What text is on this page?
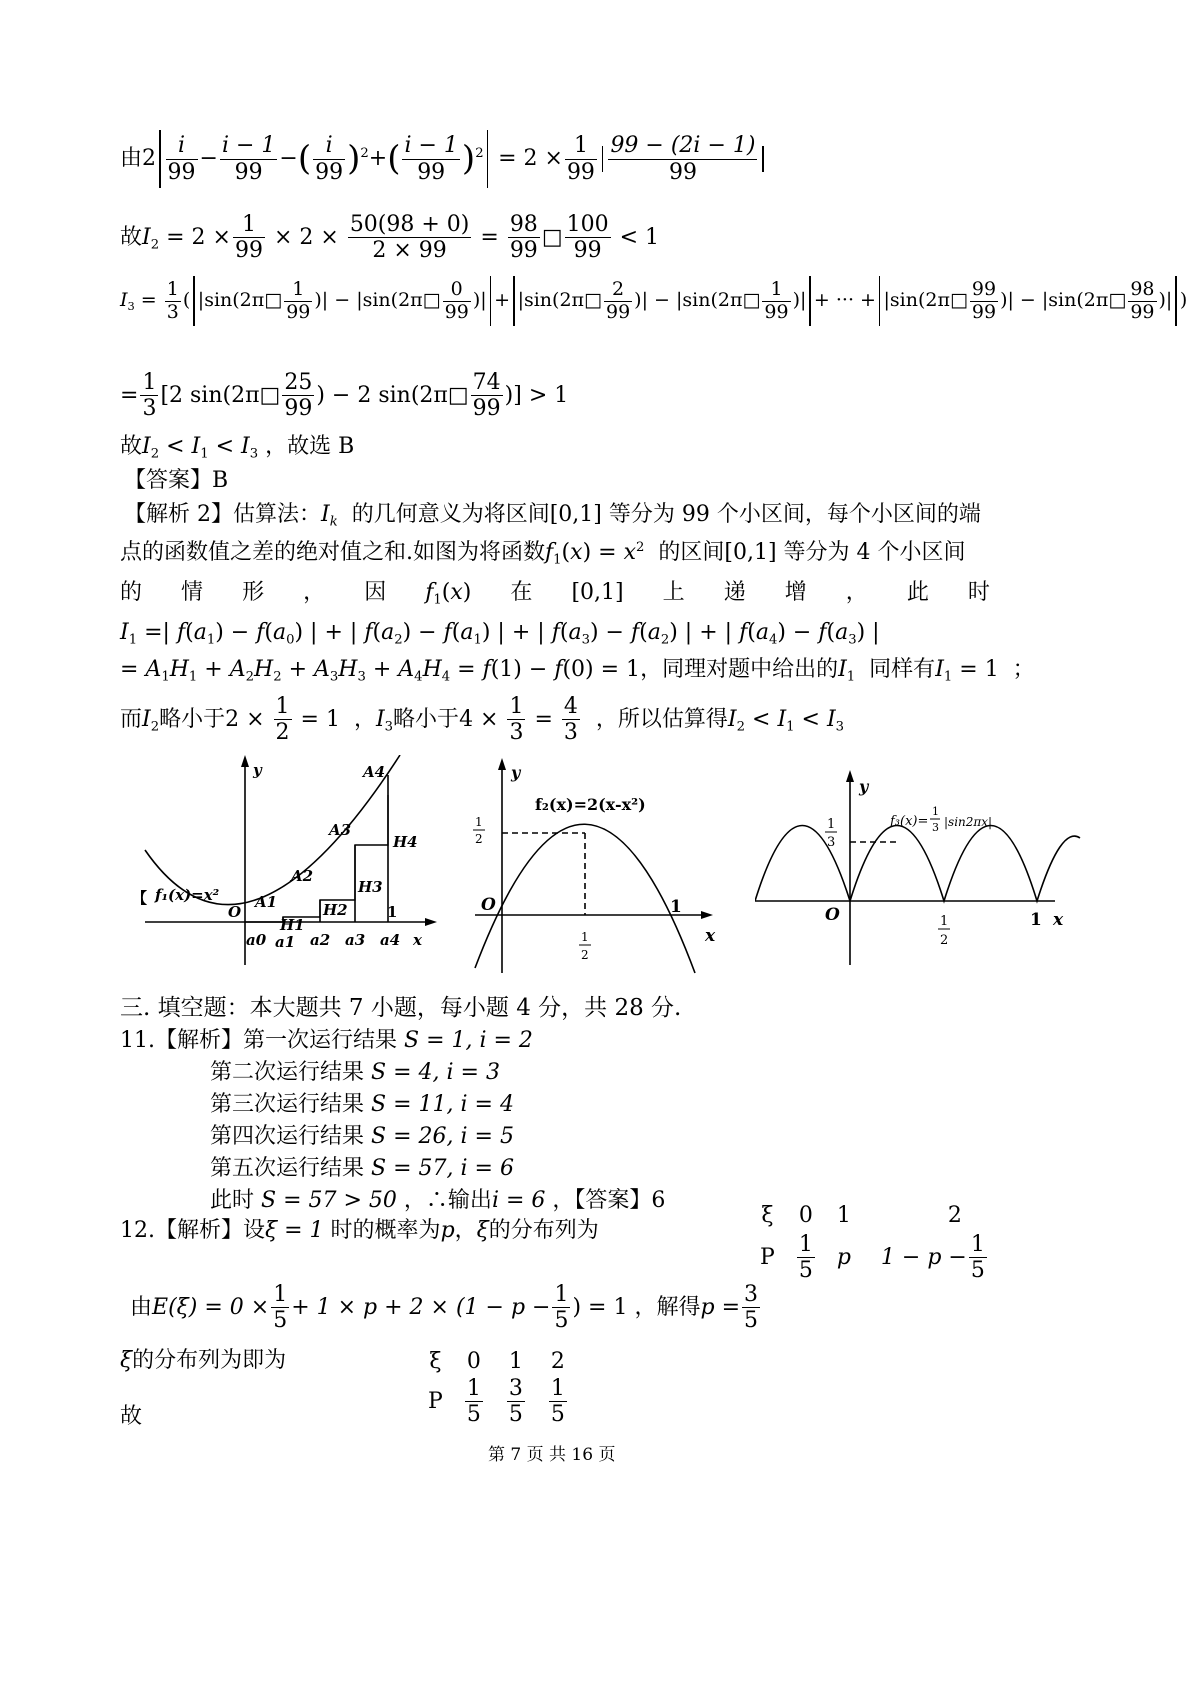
由$2 \frac{i}{99} - \frac{i - 1}{99}$ −( $\frac{i}{99} )^2+( \frac{i - 1}{99} )^2 = 2 \times \frac{1}{99} \frac{99 - (2i - 1)}{99}$
故$I_2 = 2 \times \frac{1}{99} \times 2 \times \frac{50(98 + 0)}{2 \times 99} = \frac{98}{99}$ □ $\frac{100}{99} < 1$
$I_3 = \frac{1}{3}$ ( |sin(2π□ $\frac{1}{99}$ )| − |sin(2π□ $\frac{0}{99}$ )| + |sin(2π□ $\frac{2}{99}$ )| − |sin(2π□ $\frac{1}{99}$ )| + ··· + |sin(2π□ $\frac{99}{99}$ )| − |sin(2π□ $\frac{98}{99}$ )| )
= $\frac{1}{3} [2$ sin(2π□ $\frac{25}{99}$ ) − 2 sin(2π□ $\frac{74}{99}$ )] > 1
故$I_2 < I_1 < I_3$ ，故选 B
【答案】B
【解析 2】估算法：$I_k$ 的几何意义为将区间[0,1] 等分为 99 个小区间，每个小区间的端
点的函数值之差的绝对值之和.如图为将函数$f_1(x) = x^2$ 的区间[0,1] 等分为 4 个小区间
的 情 形 ， 因 $f_1(x)$ 在 [0,1] 上 递 增 ， 此 时
$I_1$ =| $f(a_1) - f(a_0)$ | + | $f(a_2) - f(a_1)$ | + | $f(a_3) - f(a_2)$ | + | $f(a_4) - f(a_3)$ |
= $A_1H_1 + A_2H_2 + A_3H_3 + A_4H_4 = f(1) - f(0) = 1$，同理对题中给出的$I_1$ 同样有$I_1 = 1$  ；
而$I_2$略小于$2 \times \frac{1}{2} = 1$  ，$I_3$略小于$4 \times \frac{1}{3} = \frac{4}{3}$ ，所以估算得$I_2 < I_1 < I_3$
y
x
O	1
【 f₁(x)=x² A1
A2
A3
A4
H1
H2
H3
H4
a0 a1 a2 a3 a4
y
x
O	1
f₂(x)=2(x-x²)
1
2
1
2
y
x
O	1
1
3
1
2
f₃(x)=
1
3 |sin2πx|
三. 填空题：本大题共 7 小题，每小题 4 分，共 28 分.
11.【解析】第一次运行结果 S = 1, i = 2
第二次运行结果 S = 4, i = 3
第三次运行结果 S = 11, i = 4
第四次运行结果 S = 26, i = 5
第五次运行结果 S = 57, i = 6
此时 S = 57 > 50 ，∴输出i = 6 ，【答案】6
12.【解析】设ξ = 1 时的概率为p，ξ的分布列为
ξ	0	1	2
P	$\frac{1}{5}$	p	$1 - p - \frac{1}{5}$
由$E(\xi) = 0 \times \frac{1}{5} + 1 \times p + 2 \times (1 - p - \frac{1}{5}$ ) = 1 ，解得$p = \frac{3}{5}$
ξ的分布列为即为
故
ξ	0	1	2
P	$\frac{1}{5}$	$\frac{3}{5}$	$\frac{1}{5}$
第 7 页 共 16 页
